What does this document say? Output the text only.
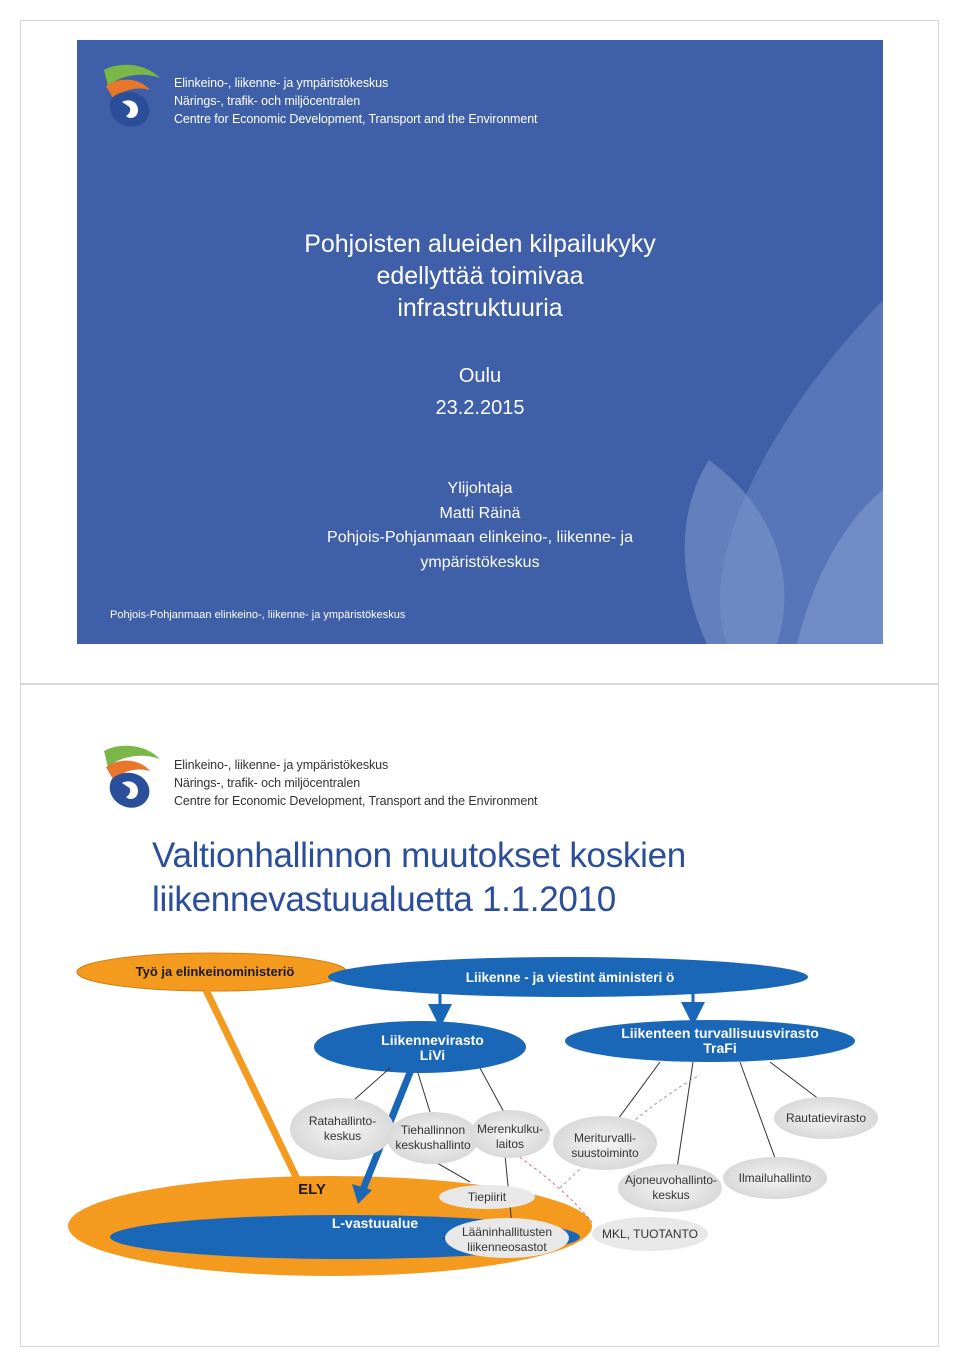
Elinkeino-, liikenne- ja ympäristökeskus
Närings-, trafik- och miljöcentralen
Centre for Economic Development, Transport and the Environment
Pohjoisten alueiden kilpailukyky
edellyttää toimivaa
infrastruktuuria
Oulu
23.2.2015
Ylijohtaja
Matti Räinä
Pohjois-Pohjanmaan elinkeino-, liikenne- ja
ympäristökeskus
Pohjois-Pohjanmaan elinkeino-, liikenne- ja ympäristökeskus
Elinkeino-, liikenne- ja ympäristökeskus
Närings-, trafik- och miljöcentralen
Centre for Economic Development, Transport and the Environment
Valtionhallinnon muutokset koskien
liikennevastuualuetta 1.1.2010
Työ ja elinkeinoministeriö	Liikenne - ja viestint äministeri ö
Liikennevirasto
LiVi
Liikenteen turvallisuusvirasto
TraFi
Ratahallinto-
keskus	Tiehallinnon
keskushallinto
Merenkulku-
laitos	Meriturvalli-
suustoiminto
Rautatievirasto
Ajoneuvohallinto-
keskus
Ilmailuhallinto
ELY	Tiepiirit
L-vastuualue
Lääninhallitusten
liikenneosastot
MKL, TUOTANTO
